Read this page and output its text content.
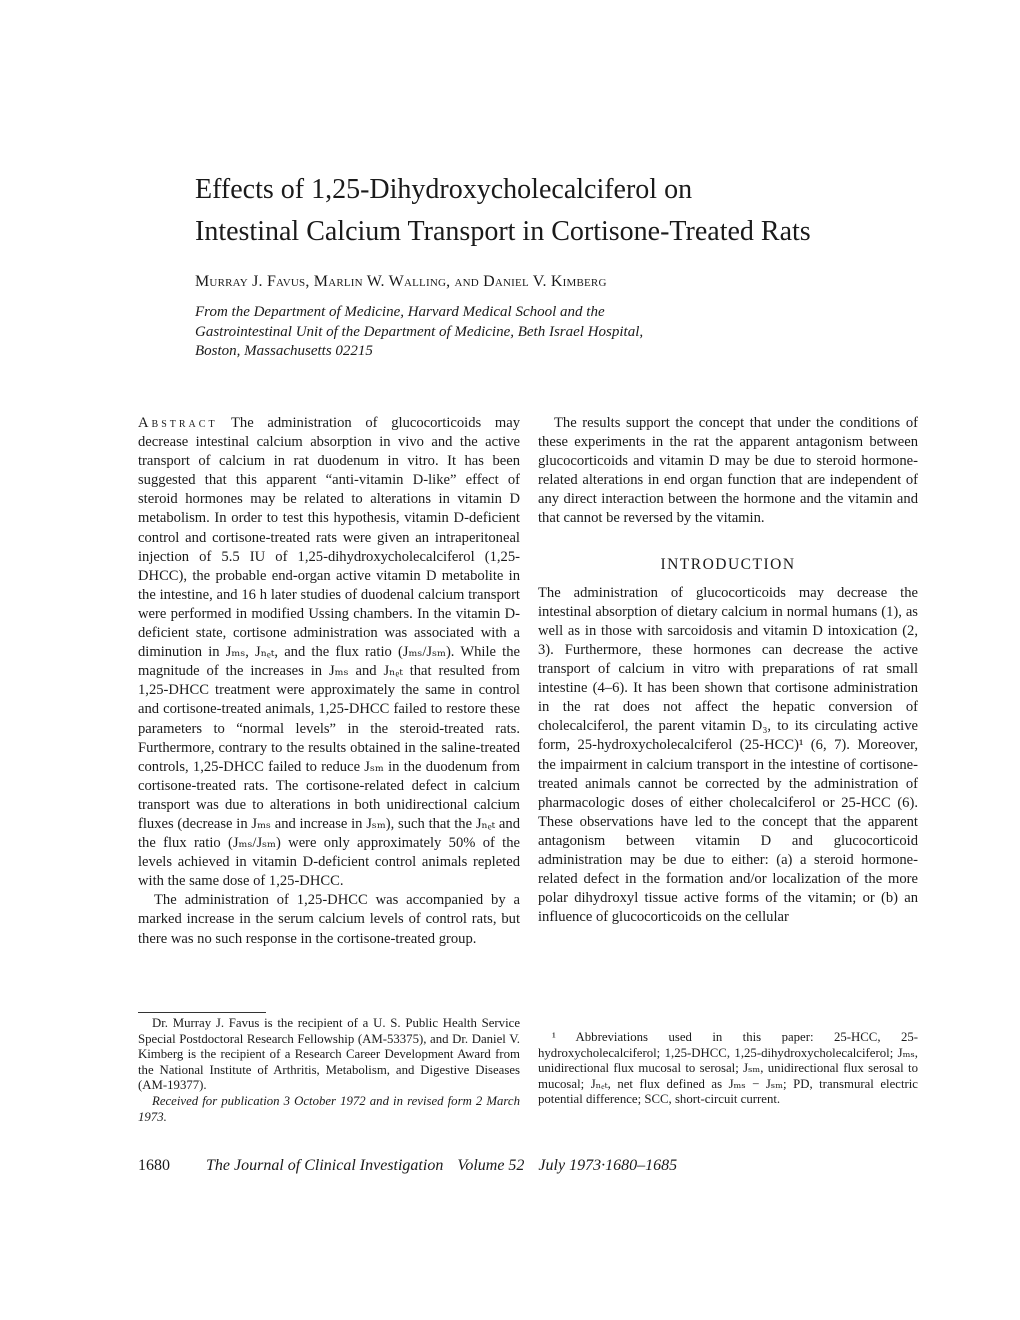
Effects of 1,25-Dihydroxycholecalciferol on
Intestinal Calcium Transport in Cortisone-Treated Rats
Murray J. Favus, Marlin W. Walling, and Daniel V. Kimberg
From the Department of Medicine, Harvard Medical School and the
Gastrointestinal Unit of the Department of Medicine, Beth Israel Hospital,
Boston, Massachusetts 02215

Abstract The administration of glucocorticoids may decrease intestinal calcium absorption in vivo and the active transport of calcium in rat duodenum in vitro. It has been suggested that this apparent “anti-vitamin D-like” effect of steroid hormones may be related to alterations in vitamin D metabolism. In order to test this hypothesis, vitamin D-deficient control and cortisone-treated rats were given an intraperitoneal injection of 5.5 IU of 1,25-dihydroxycholecalciferol (1,25-DHCC), the probable end-organ active vitamin D metabolite in the intestine, and 16 h later studies of duodenal calcium transport were performed in modified Ussing chambers. In the vitamin D-deficient state, cortisone administration was associated with a diminution in Jₘₛ, Jₙₑₜ, and the flux ratio (Jₘₛ/Jₛₘ). While the magnitude of the increases in Jₘₛ and Jₙₑₜ that resulted from 1,25-DHCC treatment were approximately the same in control and cortisone-treated animals, 1,25-DHCC failed to restore these parameters to “normal levels” in the steroid-treated rats. Furthermore, contrary to the results obtained in the saline-treated controls, 1,25-DHCC failed to reduce Jₛₘ in the duodenum from cortisone-treated rats. The cortisone-related defect in calcium transport was due to alterations in both unidirectional calcium fluxes (decrease in Jₘₛ and increase in Jₛₘ), such that the Jₙₑₜ and the flux ratio (Jₘₛ/Jₛₘ) were only approximately 50% of the levels achieved in vitamin D-deficient control animals repleted with the same dose of 1,25-DHCC.

The administration of 1,25-DHCC was accompanied by a marked increase in the serum calcium levels of control rats, but there was no such response in the cortisone-treated group.

Dr. Murray J. Favus is the recipient of a U. S. Public Health Service Special Postdoctoral Research Fellowship (AM-53375), and Dr. Daniel V. Kimberg is the recipient of a Research Career Development Award from the National Institute of Arthritis, Metabolism, and Digestive Diseases (AM-19377).

Received for publication 3 October 1972 and in revised form 2 March 1973.

The results support the concept that under the conditions of these experiments in the rat the apparent antagonism between glucocorticoids and vitamin D may be due to steroid hormone-related alterations in end organ function that are independent of any direct interaction between the hormone and the vitamin and that cannot be reversed by the vitamin.

INTRODUCTION

The administration of glucocorticoids may decrease the intestinal absorption of dietary calcium in normal humans (1), as well as in those with sarcoidosis and vitamin D intoxication (2, 3). Furthermore, these hormones can decrease the active transport of calcium in vitro with preparations of rat small intestine (4–6). It has been shown that cortisone administration in the rat does not affect the hepatic conversion of cholecalciferol, the parent vitamin D₃, to its circulating active form, 25-hydroxycholecalciferol (25-HCC)¹ (6, 7). Moreover, the impairment in calcium transport in the intestine of cortisone-treated animals cannot be corrected by the administration of pharmacologic doses of either cholecalciferol or 25-HCC (6). These observations have led to the concept that the apparent antagonism between vitamin D and glucocorticoid administration may be due to either: (a) a steroid hormone-related defect in the formation and/or localization of the more polar dihydroxyl tissue active forms of the vitamin; or (b) an influence of glucocorticoids on the cellular

¹ Abbreviations used in this paper: 25-HCC, 25-hydroxycholecalciferol; 1,25-DHCC, 1,25-dihydroxycholecalciferol; Jₘₛ, unidirectional flux mucosal to serosal; Jₛₘ, unidirectional flux serosal to mucosal; Jₙₑₜ, net flux defined as Jₘₛ − Jₛₘ; PD, transmural electric potential difference; SCC, short-circuit current.

1680 The Journal of Clinical Investigation Volume 52 July 1973·1680–1685
